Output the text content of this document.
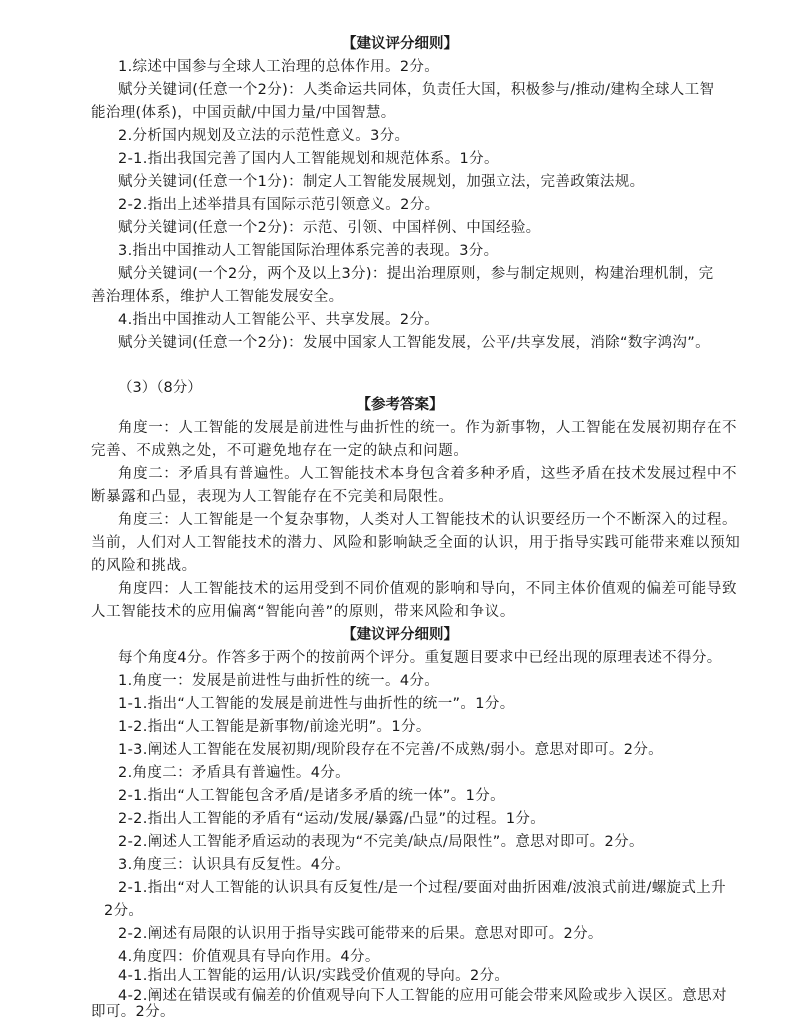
【建议评分细则】
1.综述中国参与全球人工治理的总体作用。2分。
赋分关键词(任意一个2分)：人类命运共同体，负责任大国，积极参与/推动/建构全球人工智
能治理(体系)，中国贡献/中国力量/中国智慧。
2.分析国内规划及立法的示范性意义。3分。
2-1.指出我国完善了国内人工智能规划和规范体系。1分。
赋分关键词(任意一个1分)：制定人工智能发展规划，加强立法，完善政策法规。
2-2.指出上述举措具有国际示范引领意义。2分。
赋分关键词(任意一个2分)：示范、引领、中国样例、中国经验。
3.指出中国推动人工智能国际治理体系完善的表现。3分。
赋分关键词(一个2分，两个及以上3分)：提出治理原则，参与制定规则，构建治理机制，完
善治理体系，维护人工智能发展安全。
4.指出中国推动人工智能公平、共享发展。2分。
赋分关键词(任意一个2分)：发展中国家人工智能发展，公平/共享发展，消除“数字鸿沟”。
（3）（8分）
【参考答案】
角度一：人工智能的发展是前进性与曲折性的统一。作为新事物，人工智能在发展初期存在不
完善、不成熟之处，不可避免地存在一定的缺点和问题。
角度二：矛盾具有普遍性。人工智能技术本身包含着多种矛盾，这些矛盾在技术发展过程中不
断暴露和凸显，表现为人工智能存在不完美和局限性。
角度三：人工智能是一个复杂事物，人类对人工智能技术的认识要经历一个不断深入的过程。
当前，人们对人工智能技术的潜力、风险和影响缺乏全面的认识，用于指导实践可能带来难以预知
的风险和挑战。
角度四：人工智能技术的运用受到不同价值观的影响和导向，不同主体价值观的偏差可能导致
人工智能技术的应用偏离“智能向善”的原则，带来风险和争议。
【建议评分细则】
每个角度4分。作答多于两个的按前两个评分。重复题目要求中已经出现的原理表述不得分。
1.角度一：发展是前进性与曲折性的统一。4分。
1-1.指出“人工智能的发展是前进性与曲折性的统一”。1分。
1-2.指出“人工智能是新事物/前途光明”。1分。
1-3.阐述人工智能在发展初期/现阶段存在不完善/不成熟/弱小。意思对即可。2分。
2.角度二：矛盾具有普遍性。4分。
2-1.指出“人工智能包含矛盾/是诸多矛盾的统一体”。1分。
2-2.指出人工智能的矛盾有“运动/发展/暴露/凸显”的过程。1分。
2-2.阐述人工智能矛盾运动的表现为“不完美/缺点/局限性”。意思对即可。2分。
3.角度三：认识具有反复性。4分。
2-1.指出“对人工智能的认识具有反复性/是一个过程/要面对曲折困难/波浪式前进/螺旋式上升
2分。
2-2.阐述有局限的认识用于指导实践可能带来的后果。意思对即可。2分。
4.角度四：价值观具有导向作用。4分。
4-1.指出人工智能的运用/认识/实践受价值观的导向。2分。
4-2.阐述在错误或有偏差的价值观导向下人工智能的应用可能会带来风险或步入误区。意思对
即可。2分。
